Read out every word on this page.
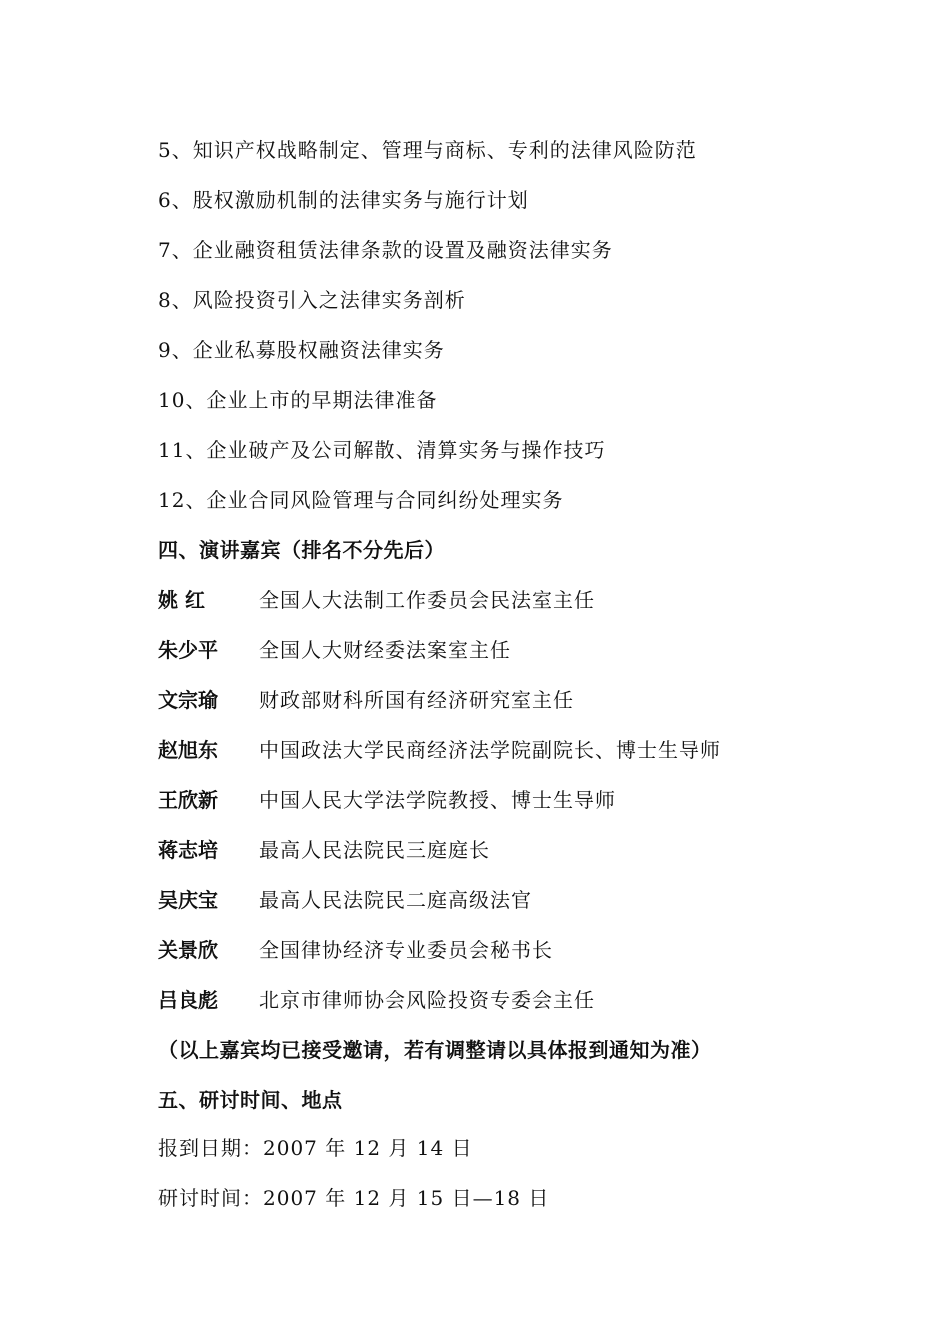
5、知识产权战略制定、管理与商标、专利的法律风险防范
6、股权激励机制的法律实务与施行计划
7、企业融资租赁法律条款的设置及融资法律实务
8、风险投资引入之法律实务剖析
9、企业私募股权融资法律实务
10、企业上市的早期法律准备
11、企业破产及公司解散、清算实务与操作技巧
12、企业合同风险管理与合同纠纷处理实务
四、演讲嘉宾（排名不分先后）
姚 红	全国人大法制工作委员会民法室主任
朱少平 全国人大财经委法案室主任
文宗瑜 财政部财科所国有经济研究室主任
赵旭东 中国政法大学民商经济法学院副院长、博士生导师
王欣新 中国人民大学法学院教授、博士生导师
蒋志培 最高人民法院民三庭庭长
吴庆宝 最高人民法院民二庭高级法官
关景欣 全国律协经济专业委员会秘书长
吕良彪 北京市律师协会风险投资专委会主任
（以上嘉宾均已接受邀请，若有调整请以具体报到通知为准）
五、研讨时间、地点
报到日期：2007 年 12 月 14 日
研讨时间：2007 年 12 月 15 日—18 日
